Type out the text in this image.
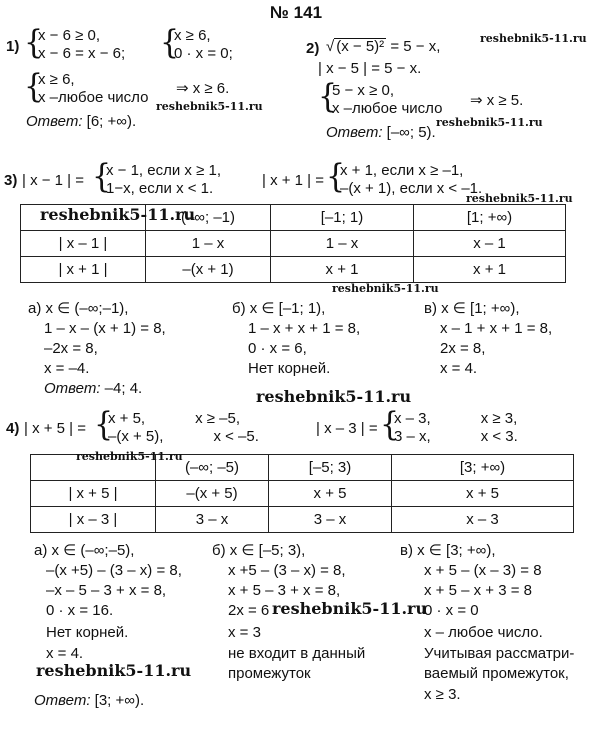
№ 141
1) {
x − 6 ≥ 0,
x − 6 = x − 6; {
x ≥ 6,
0 · x = 0;
{
x ≥ 6,
x –любое число
⇒ x ≥ 6.
Ответ: [6; +∞).
2) √ (x − 5)² = 5 − x,
| x − 5 | = 5 − x.
{
5 − x ≥ 0,
x –любое число ⇒ x ≥ 5.
Ответ: [–∞; 5).
3) | x − 1 | = {
x − 1, если x ≥ 1,
1−x, если x < 1.	| x + 1 | = {
x + 1, если x ≥ –1,
–(x + 1), если x < –1.
	(–∞; –1)	[–1; 1)	[1; +∞)
| x – 1 |	1 – x	1 – x	x – 1
| x + 1 |	–(x + 1)	x + 1	x + 1
а) x ∈ (–∞;–1),
1 – x – (x + 1) = 8,
–2x = 8,
x = –4.
Ответ: –4; 4.
б) x ∈ [–1; 1),
1 – x + x + 1 = 8,
0 · x = 6,
Нет корней.
в) x ∈ [1; +∞),
x – 1 + x + 1 = 8,
2x = 8,
x = 4.
4) | x + 5 | = {
x + 5,            x ≥ –5,
–(x + 5),            x < –5.	| x – 3 | = {
x – 3,            x ≥ 3,
3 – x,            x < 3.
	(–∞; –5)	[–5; 3)	[3; +∞)
| x + 5 |	–(x + 5)	x + 5	x + 5
| x – 3 |	3 – x	3 – x	x – 3
а) x ∈ (–∞;–5),
–(x +5) – (3 – x) = 8,
–x – 5 – 3 + x = 8,
0 · x = 16.
Нет корней.
x = 4.
Ответ: [3; +∞).
б) x ∈ [–5; 3),
x +5 – (3 – x) = 8,
x + 5 – 3 + x = 8,
2x = 6
x = 3
не входит в данный
промежуток
в) x ∈ [3; +∞),
x + 5 – (x – 3) = 8
x + 5 – x + 3 = 8
0 · x = 0
x – любое число.
Учитывая рассматри-
ваемый промежуток,
x ≥ 3.
reshebnik5-11.ru
reshebnik5-11.ru
reshebnik5-11.ru
reshebnik5-11.ru
reshebnik5-11.ru
reshebnik5-11.ru
reshebnik5-11.ru
reshebnik5-11.ru
reshebnik5-11.ru
reshebnik5-11.ru
